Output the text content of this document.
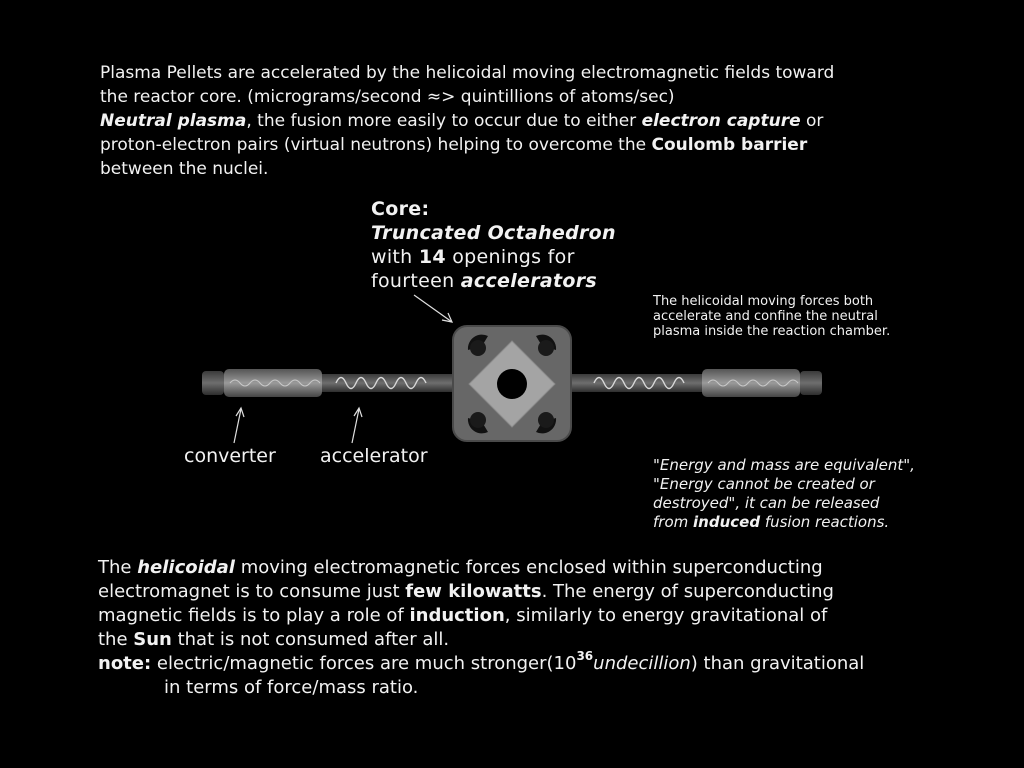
Plasma Pellets are accelerated by the helicoidal moving electromagnetic fields toward
the reactor core. (micrograms/second ≈> quintillions of atoms/sec)
Neutral plasma, the fusion more easily to occur due to either electron capture or
proton-electron pairs (virtual neutrons) helping to overcome the Coulomb barrier
between the nuclei.
Core:
Truncated Octahedron
with 14 openings for
fourteen accelerators
The helicoidal moving forces both
accelerate and confine the neutral
plasma inside the reaction chamber.
converter accelerator	"Energy and mass are equivalent",
"Energy cannot be created or
destroyed", it can be released
from induced fusion reactions.
The helicoidal moving electromagnetic forces enclosed within superconducting
electromagnet is to consume just few kilowatts. The energy of superconducting
magnetic fields is to play a role of induction, similarly to energy gravitational of
the Sun that is not consumed after all.
note: electric/magnetic forces are much $stronger(10^{36}undecillion)$ than gravitational
in terms of force/mass ratio.
